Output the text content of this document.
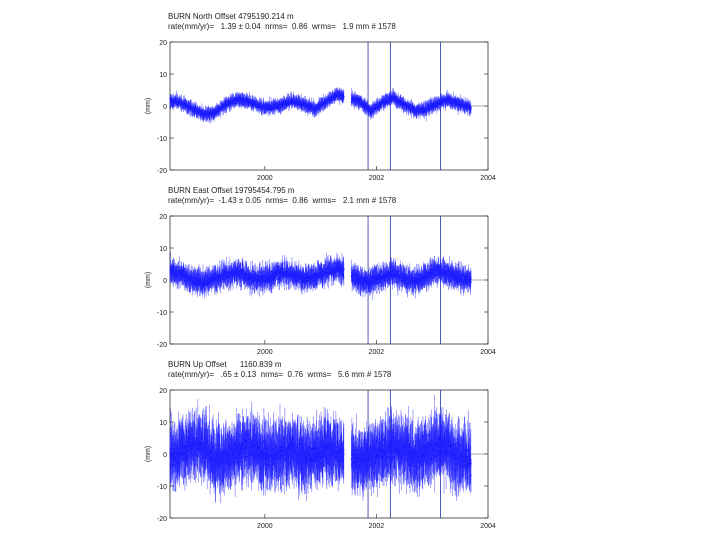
BURN North Offset 4795190.214 m
rate(mm/yr)=   1.39 ± 0.04  nrms=  0.86  wrms=   1.9 mm # 1578
-20
-10
0
10
20
2000	2002	2004
(mm)
BURN East Offset 19795454.795 m
rate(mm/yr)=  -1.43 ± 0.05  nrms=  0.86  wrms=   2.1 mm # 1578
-20
-10
0
10
20
2000	2002	2004
(mm)
BURN Up Offset      1160.839 m
rate(mm/yr)=   .65 ± 0.13  nrms=  0.76  wrms=   5.6 mm # 1578
-20
-10
0
10
20
2000	2002	2004
(mm)
